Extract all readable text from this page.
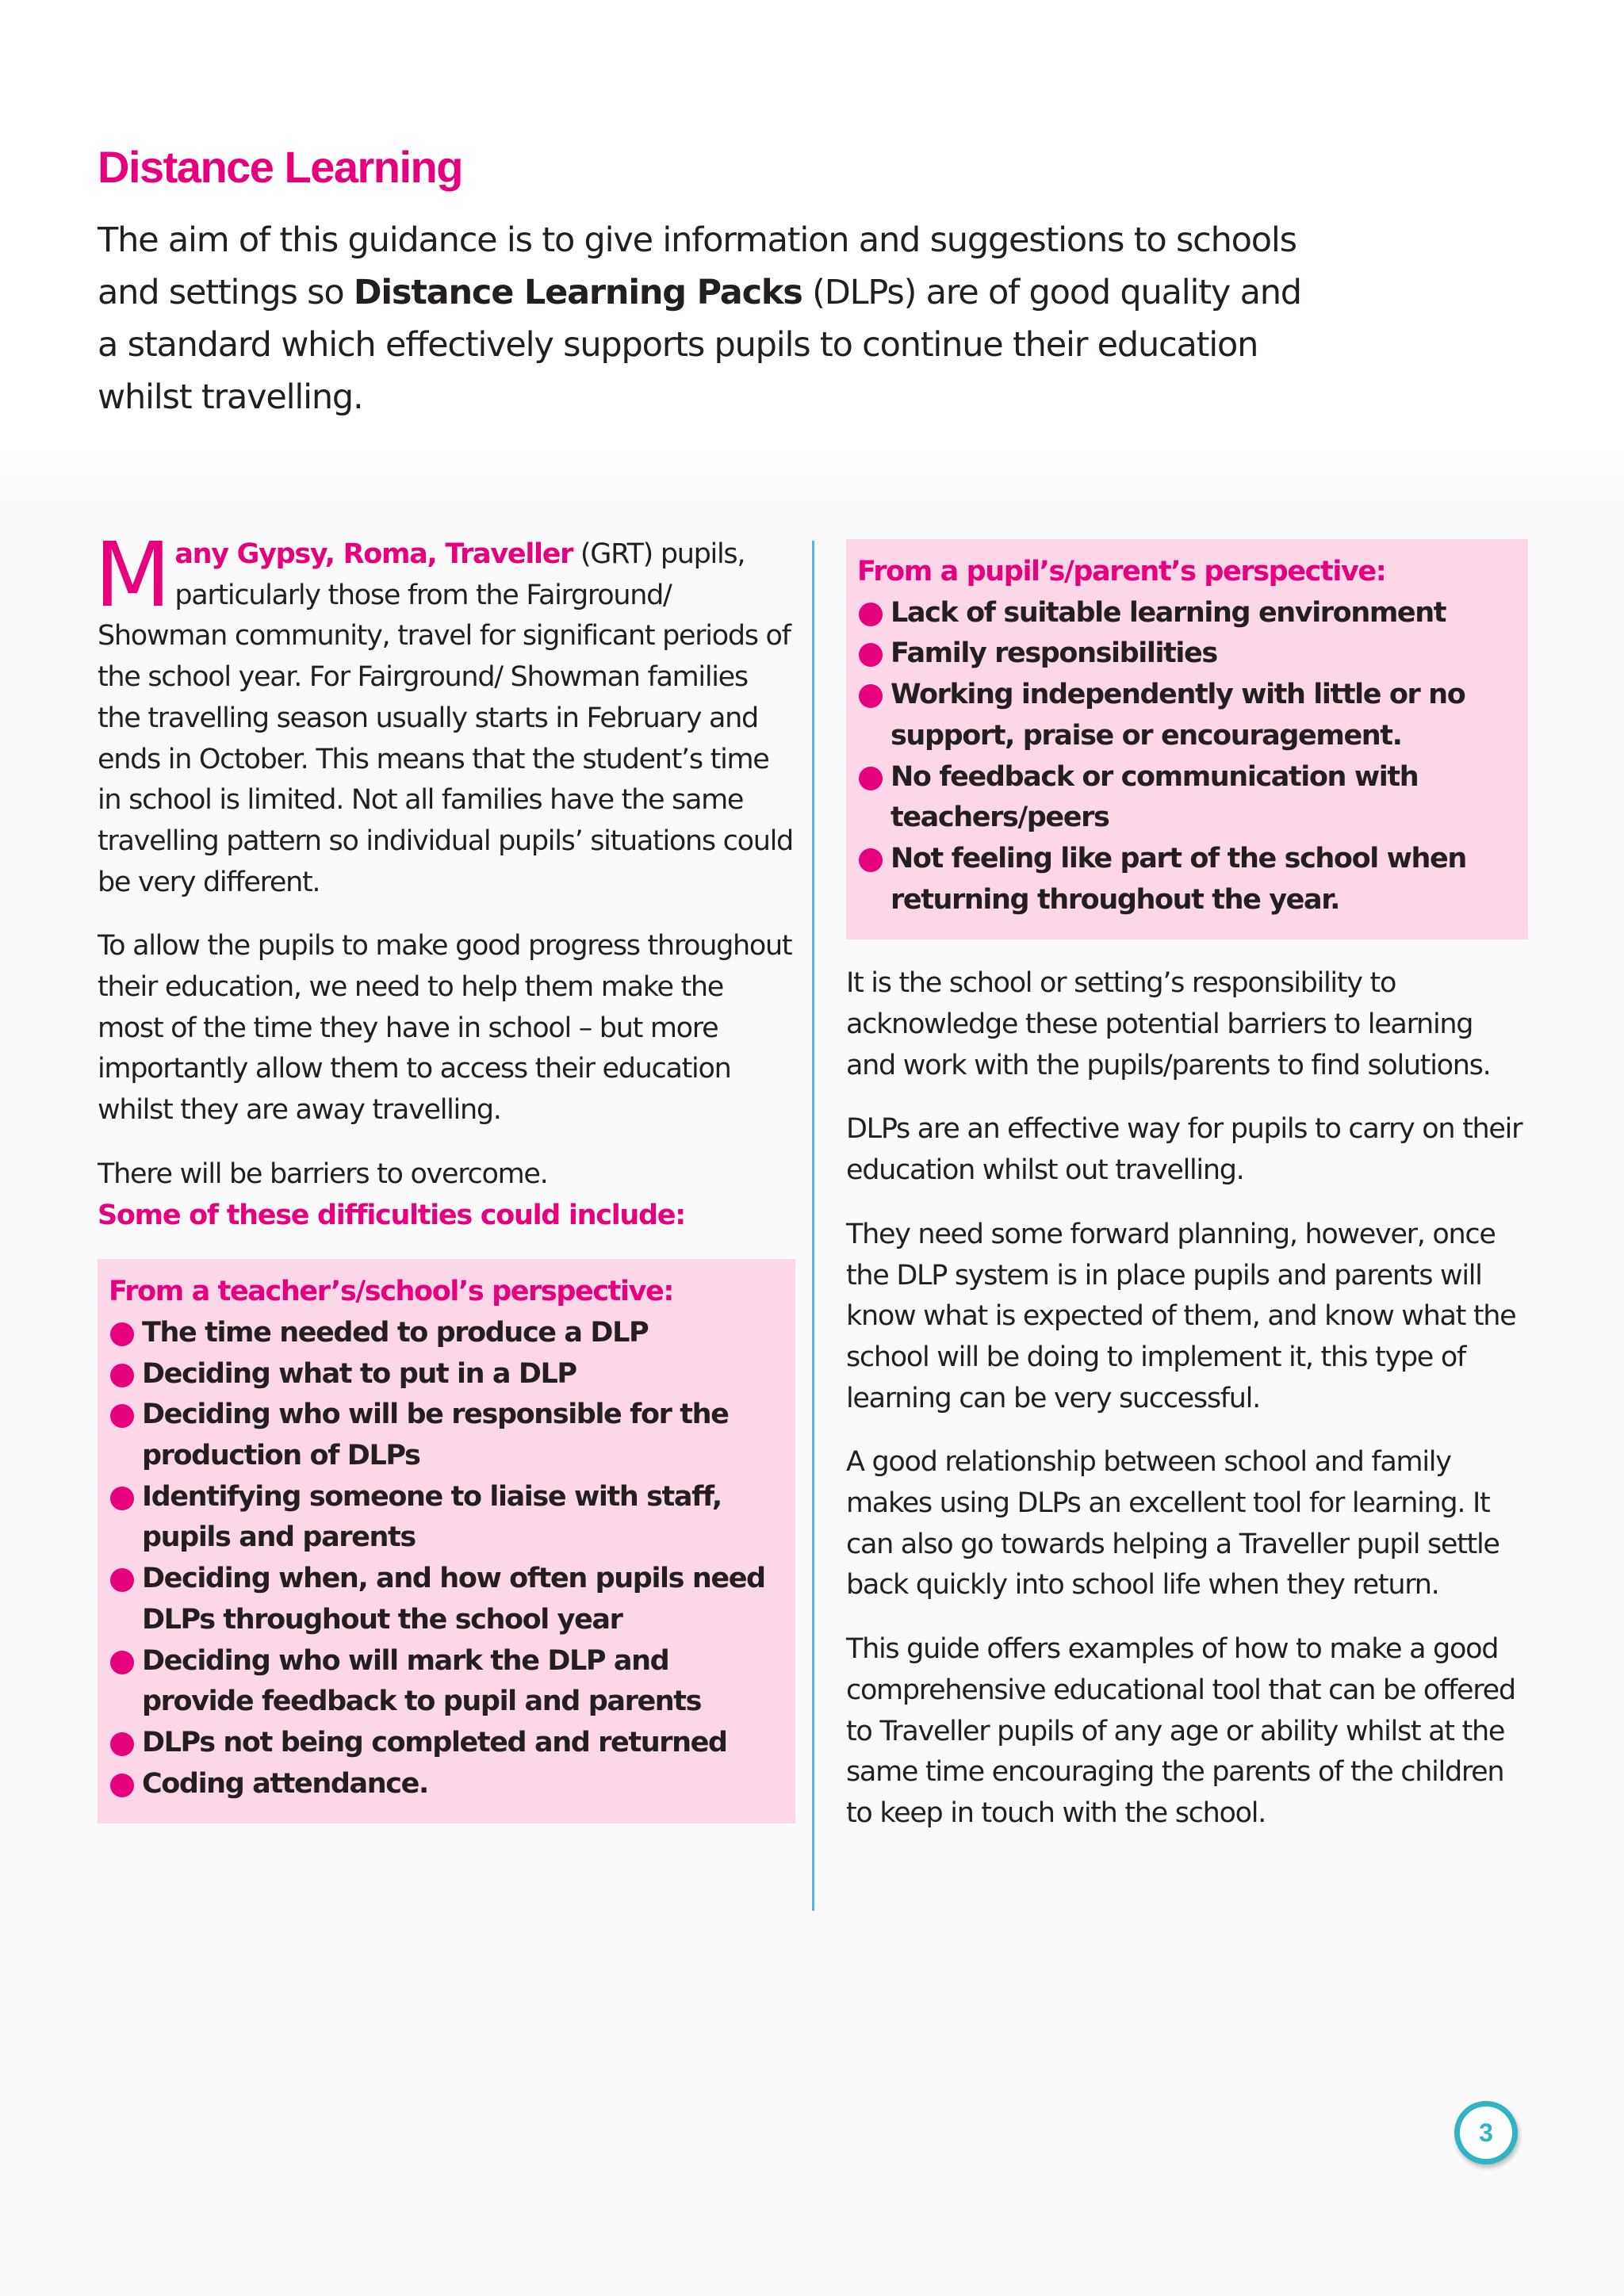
Distance Learning

The aim of this guidance is to give information and suggestions to schools and settings so Distance Learning Packs (DLPs) are of good quality and a standard which effectively supports pupils to continue their education whilst travelling.

Many Gypsy, Roma, Traveller (GRT) pupils, particularly those from the Fairground/ Showman community, travel for significant periods of the school year. For Fairground/ Showman families the travelling season usually starts in February and ends in October. This means that the student’s time in school is limited. Not all families have the same travelling pattern so individual pupils’ situations could be very different.

To allow the pupils to make good progress throughout their education, we need to help them make the most of the time they have in school – but more importantly allow them to access their education whilst they are away travelling.

There will be barriers to overcome.
Some of these difficulties could include:

From a teacher’s/school’s perspective:

The time needed to produce a DLP
Deciding what to put in a DLP
Deciding who will be responsible for the production of DLPs
Identifying someone to liaise with staff, pupils and parents
Deciding when, and how often pupils need DLPs throughout the school year
Deciding who will mark the DLP and provide feedback to pupil and parents
DLPs not being completed and returned
Coding attendance.

From a pupil’s/parent’s perspective:

Lack of suitable learning environment
Family responsibilities
Working independently with little or no support, praise or encouragement.
No feedback or communication with teachers/peers
Not feeling like part of the school when returning throughout the year.

It is the school or setting’s responsibility to acknowledge these potential barriers to learning and work with the pupils/parents to find solutions.

DLPs are an effective way for pupils to carry on their education whilst out travelling.

They need some forward planning, however, once the DLP system is in place pupils and parents will know what is expected of them, and know what the school will be doing to implement it, this type of learning can be very successful.

A good relationship between school and family makes using DLPs an excellent tool for learning. It can also go towards helping a Traveller pupil settle back quickly into school life when they return.

This guide offers examples of how to make a good comprehensive educational tool that can be offered to Traveller pupils of any age or ability whilst at the same time encouraging the parents of the children to keep in touch with the school.

3
